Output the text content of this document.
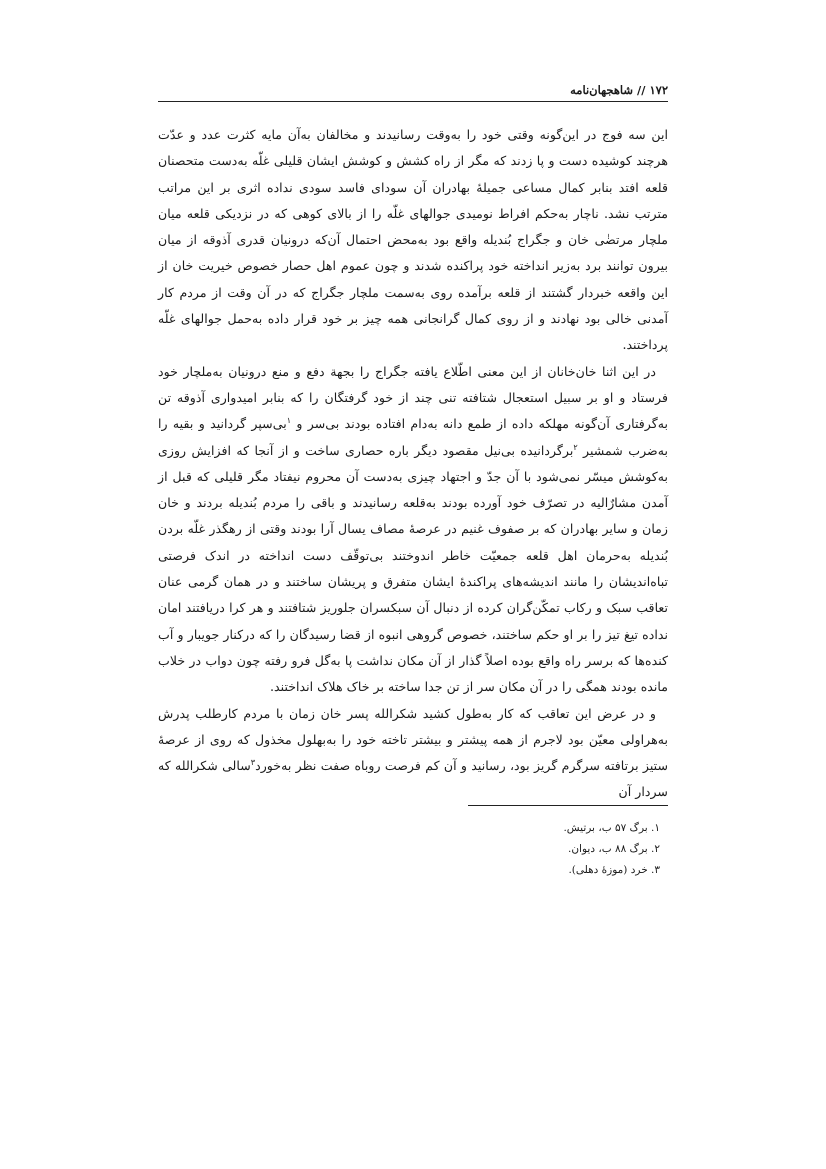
۱۷۲ // شاهجهان‌نامه

این سه فوج در این‌گونه وقتی خود را به‌وقت رسانیدند و مخالفان به‌آن مایه کثرت عدد و عدّت هرچند کوشیده دست و پا زدند که مگر از راه کشش و کوشش ایشان قلیلی غلّه به‌دست متحصنان قلعه افتد بنابر کمال مساعی جمیلهٔ بهادران آن سودای فاسد سودی نداده اثری بر این مراتب مترتب نشد. ناچار به‌حکم افراط نومیدی جوالهای غلّه را از بالای کوهی که در نزدیکی قلعه میان ملچار مرتضٰی خان و جگراج بُندیله واقع بود به‌محض احتمال آن‌که درونیان قدری آذوقه از میان بیرون توانند برد به‌زیر انداخته خود پراکنده شدند و چون عموم اهل حصار خصوص خیریت خان از این واقعه خبردار گشتند از قلعه برآمده روی به‌سمت ملچار جگراج که در آن وقت از مردم کار آمدنی خالی بود نهادند و از روی کمال گرانجانی همه چیز بر خود قرار داده به‌حمل جوالهای غلّه پرداختند.

در این اثنا خان‌خانان از این معنی اطّلاع یافته جگراج را بجهة دفع و منع درونیان به‌ملچار خود فرستاد و او بر سبیل استعجال شتافته تنی چند از خود گرفتگان را که بنابر امیدواری آذوقه تن به‌گرفتاری آن‌گونه مهلکه داده از طمع دانه به‌دام افتاده بودند بی‌سر و $^۱$بی‌سپر گردانید و بقیه را به‌ضرب شمشیر $^۲$برگردانیده بی‌نیل مقصود دیگر باره حصاری ساخت و از آنجا که افزایش روزی به‌کوشش میسّر نمی‌شود با آن جدّ و اجتهاد چیزی به‌دست آن محروم نیفتاد مگر قلیلی که قبل از آمدن مشارٌالیه در تصرّف خود آورده بودند به‌قلعه رسانیدند و باقی را مردم بُندیله بردند و خان زمان و سایر بهادران که بر صفوف غنیم در عرصهٔ مصاف یسال آرا بودند وقتی از رهگذر غلّه بردن بُندیله به‌حرمان اهل قلعه جمعیّت خاطر اندوختند بی‌توقّف دست انداخته در اندک فرصتی تباه‌اندیشان را مانند اندیشه‌های پراکندهٔ ایشان متفرق و پریشان ساختند و در همان گرمی عنان تعاقب سبک و رکاب تمکّن‌گران کرده از دنبال آن سبکسران جلوریز شتافتند و هر کرا دریافتند امان نداده تیغ تیز را بر او حکم ساختند، خصوص گروهی انبوه از قضا رسیدگان را که درکنار جویبار و آب کنده‌ها که برسر راه واقع بوده اصلاً گذار از آن مکان نداشت پا به‌گل فرو رفته چون دواب در خلاب مانده بودند همگی را در آن مکان سر از تن جدا ساخته بر خاک هلاک انداختند.

و در عرض این تعاقب که کار به‌طول کشید شکرالله پسر خان زمان با مردم کارطلب پدرش به‌هراولی معیّن بود لاجرم از همه پیشتر و بیشتر تاخته خود را به‌بهلول مخذول که روی از عرصهٔ ستیز برتافته سرگرم گریز بود، رسانید و آن کم فرصت روباه صفت نظر به‌خورد$^۳$سالی شکرالله که سردار آن

۱. برگ ۵۷ ب، برتیش.
۲. برگ ۸۸ ب، دیوان.
۳. خرد (موزهٔ دهلی).
